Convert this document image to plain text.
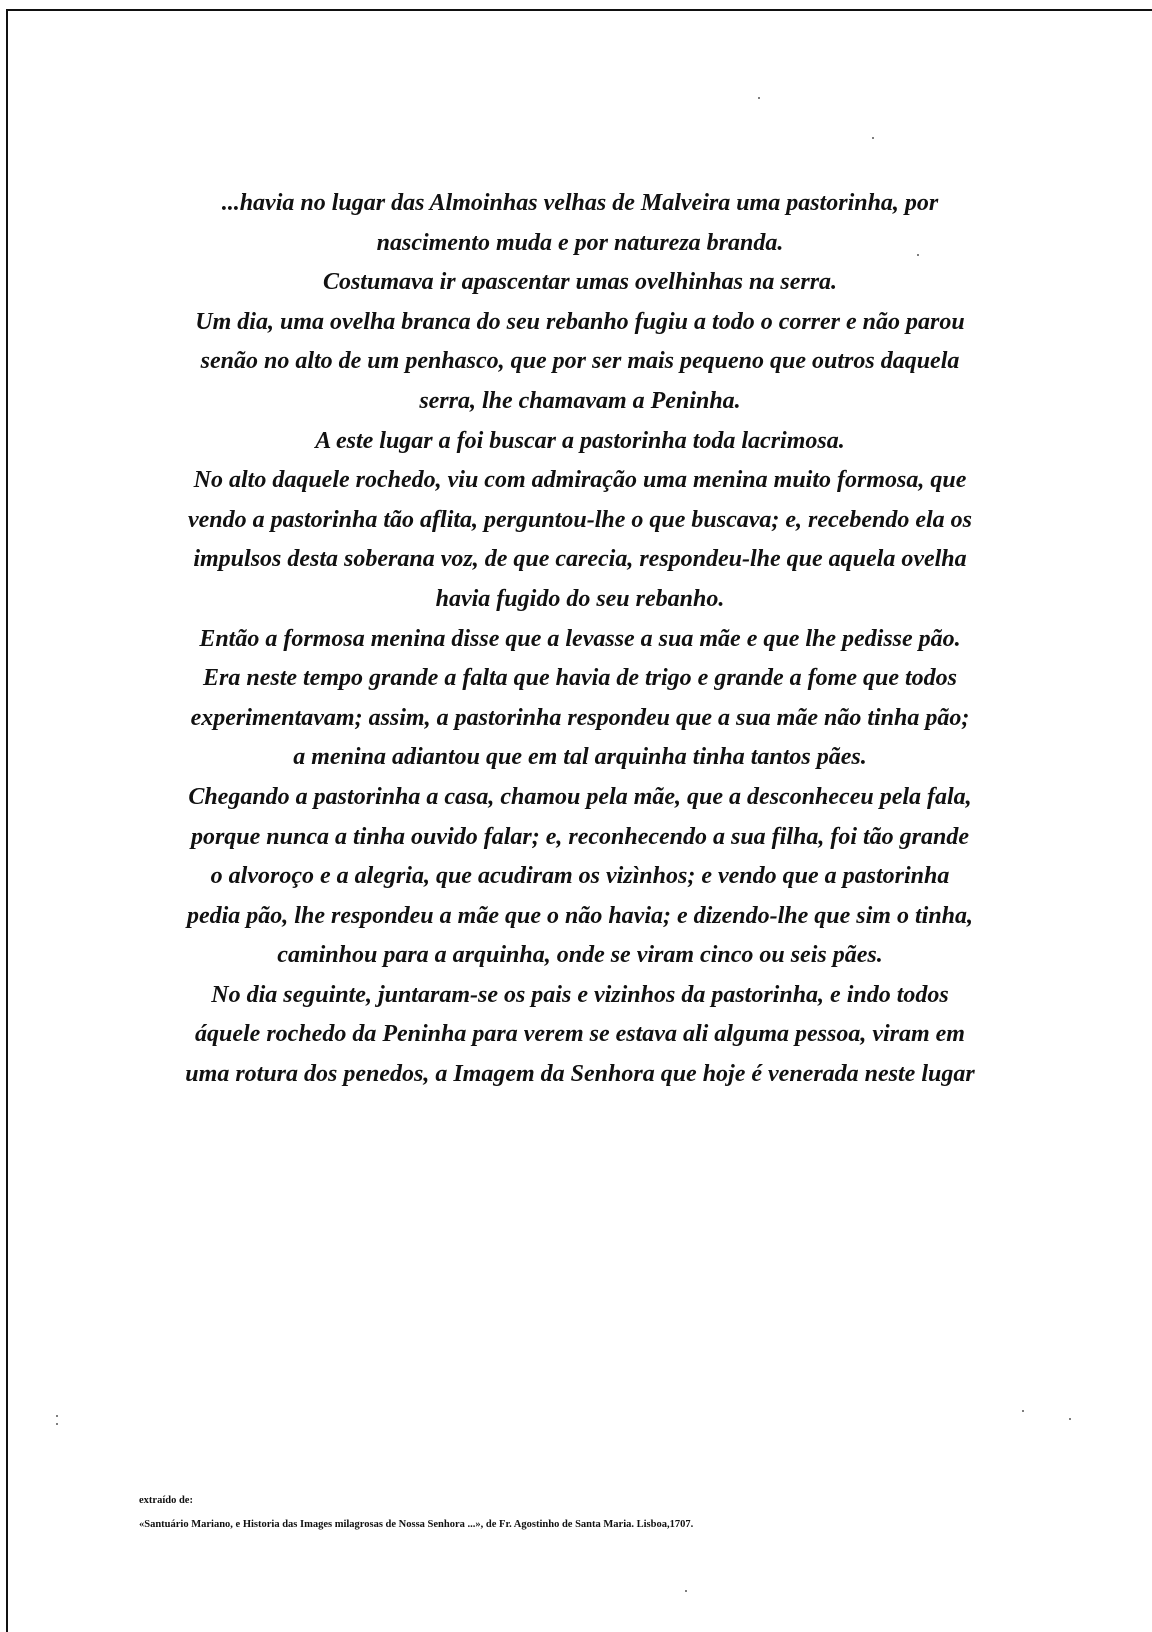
...havia no lugar das Almoinhas velhas de Malveira uma pastorinha, por
nascimento muda e por natureza branda.
Costumava ir apascentar umas ovelhinhas na serra.
Um dia, uma ovelha branca do seu rebanho fugiu a todo o correr e não parou
senão no alto de um penhasco, que por ser mais pequeno que outros daquela
serra, lhe chamavam a Peninha.
A este lugar a foi buscar a pastorinha toda lacrimosa.
No alto daquele rochedo, viu com admiração uma menina muito formosa, que
vendo a pastorinha tão aflita, perguntou-lhe o que buscava; e, recebendo ela os
impulsos desta soberana voz, de que carecia, respondeu-lhe que aquela ovelha
havia fugido do seu rebanho.
Então a formosa menina disse que a levasse a sua mãe e que lhe pedisse pão.
Era neste tempo grande a falta que havia de trigo e grande a fome que todos
experimentavam; assim, a pastorinha respondeu que a sua mãe não tinha pão;
a menina adiantou que em tal arquinha tinha tantos pães.
Chegando a pastorinha a casa, chamou pela mãe, que a desconheceu pela fala,
porque nunca a tinha ouvido falar; e, reconhecendo a sua filha, foi tão grande
o alvoroço e a alegria, que acudiram os vizìnhos; e vendo que a pastorinha
pedia pão, lhe respondeu a mãe que o não havia; e dizendo-lhe que sim o tinha,
caminhou para a arquinha, onde se viram cinco ou seis pães.
No dia seguinte, juntaram-se os pais e vizinhos da pastorinha, e indo todos
áquele rochedo da Peninha para verem se estava ali alguma pessoa, viram em
uma rotura dos penedos, a Imagem da Senhora que hoje é venerada neste lugar
extraído de:
«Santuário Mariano, e Historia das Images milagrosas de Nossa Senhora ...», de Fr. Agostinho de Santa Maria. Lisboa,1707.
